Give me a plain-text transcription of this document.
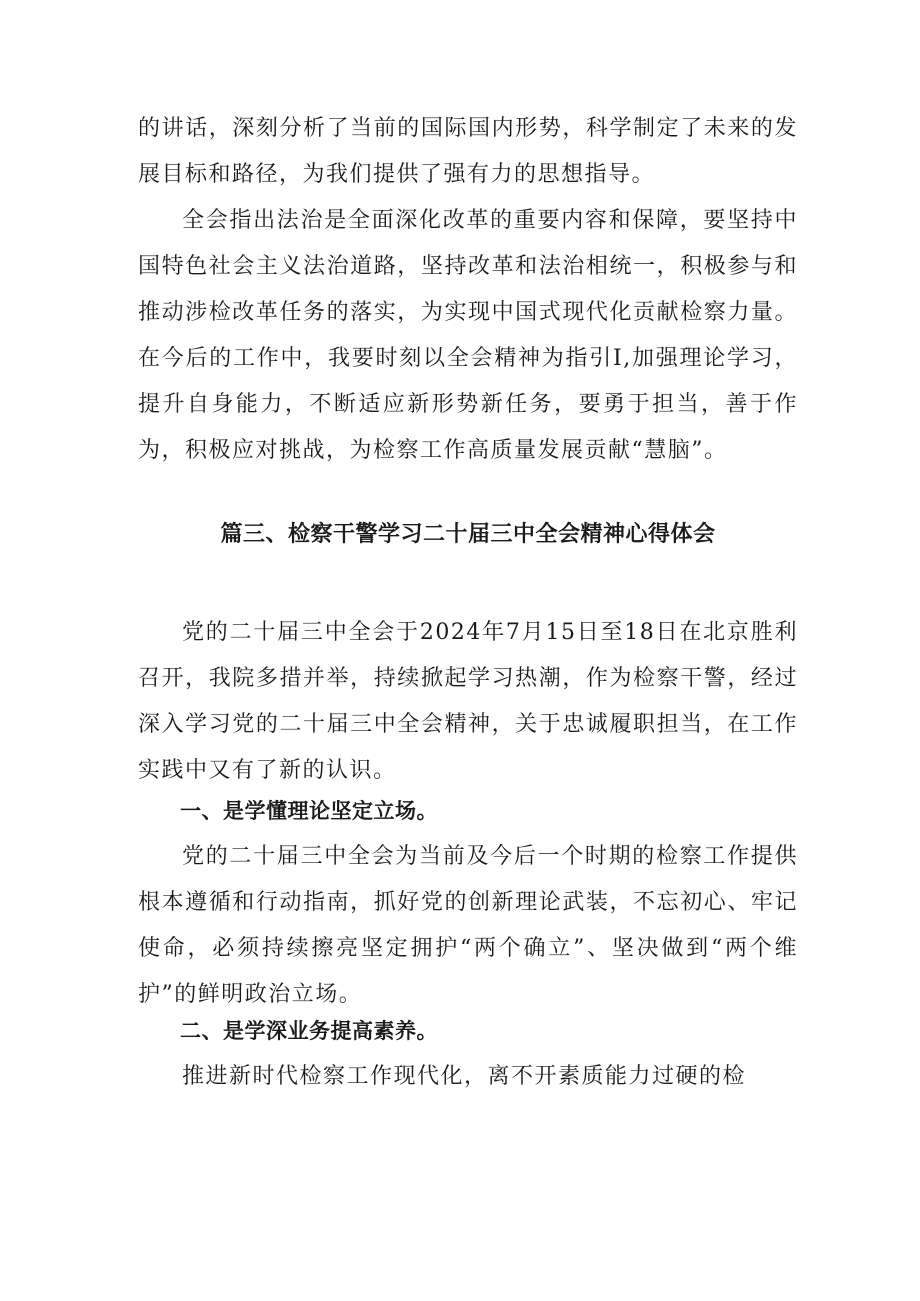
的讲话，深刻分析了当前的国际国内形势，科学制定了未来的发展目标和路径，为我们提供了强有力的思想指导。

全会指出法治是全面深化改革的重要内容和保障，要坚持中国特色社会主义法治道路，坚持改革和法治相统一，积极参与和推动涉检改革任务的落实，为实现中国式现代化贡献检察力量。在今后的工作中，我要时刻以全会精神为指引I,加强理论学习，提升自身能力，不断适应新形势新任务，要勇于担当，善于作为，积极应对挑战，为检察工作高质量发展贡献“慧脑”。

篇三、检察干警学习二十届三中全会精神心得体会

党的二十届三中全会于2024年7月15日至18日在北京胜利召开，我院多措并举，持续掀起学习热潮，作为检察干警，经过深入学习党的二十届三中全会精神，关于忠诚履职担当，在工作实践中又有了新的认识。

一、是学懂理论坚定立场。

党的二十届三中全会为当前及今后一个时期的检察工作提供根本遵循和行动指南，抓好党的创新理论武装，不忘初心、牢记使命，必须持续擦亮坚定拥护“两个确立”、坚决做到“两个维护”的鲜明政治立场。

二、是学深业务提高素养。

推进新时代检察工作现代化，离不开素质能力过硬的检
